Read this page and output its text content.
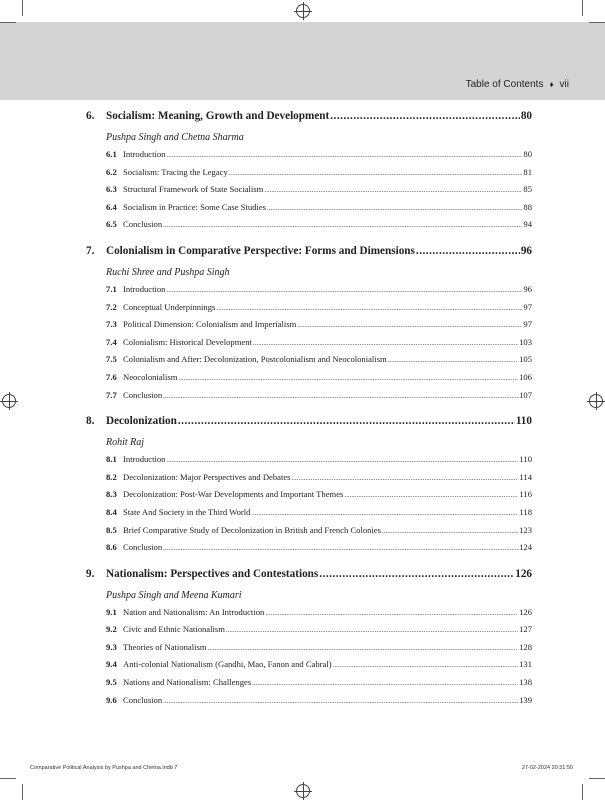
Table of Contents ♦ vii
6.	Socialism: Meaning, Growth and Development .....	80
Pushpa Singh and Chetna Sharma
6.1 Introduction .....	80
6.2 Socialism: Tracing the Legacy .....	81
6.3 Structural Framework of State Socialism .....	85
6.4 Socialism in Practice: Some Case Studies .....	88
6.5 Conclusion .....	94
7.	Colonialism in Comparative Perspective: Forms and Dimensions .....	96
Ruchi Shree and Pushpa Singh
7.1 Introduction .....	96
7.2 Conceptual Underpinnings .....	97
7.3 Political Dimension: Colonialism and Imperialism .....	97
7.4 Colonialism: Historical Development .....	103
7.5 Colonialism and After: Decolonization, Postcolonialism and Neocolonialism .....	105
7.6 Neocolonialism .....	106
7.7 Conclusion .....	107
8.	Decolonization .....	110
Rohit Raj
8.1 Introduction .....	110
8.2 Decolonization: Major Perspectives and Debates .....	114
8.3 Decolonization: Post-War Developments and Important Themes .....	116
8.4 State And Society in the Third World .....	118
8.5 Brief Comparative Study of Decolonization in British and French Colonies .....	123
8.6 Conclusion .....	124
9.	Nationalism: Perspectives and Contestations .....	126
Pushpa Singh and Meena Kumari
9.1 Nation and Nationalism: An Introduction .....	126
9.2 Civic and Ethnic Nationalism .....	127
9.3 Theories of Nationalism .....	128
9.4 Anti-colonial Nationalism (Gandhi, Mao, Fanon and Cabral) .....	131
9.5 Nations and Nationalism: Challenges .....	138
9.6 Conclusion .....	139
Comparative Political Analysis by Pushpa and Chetna.indb 7	27-02-2024 20:31:50
